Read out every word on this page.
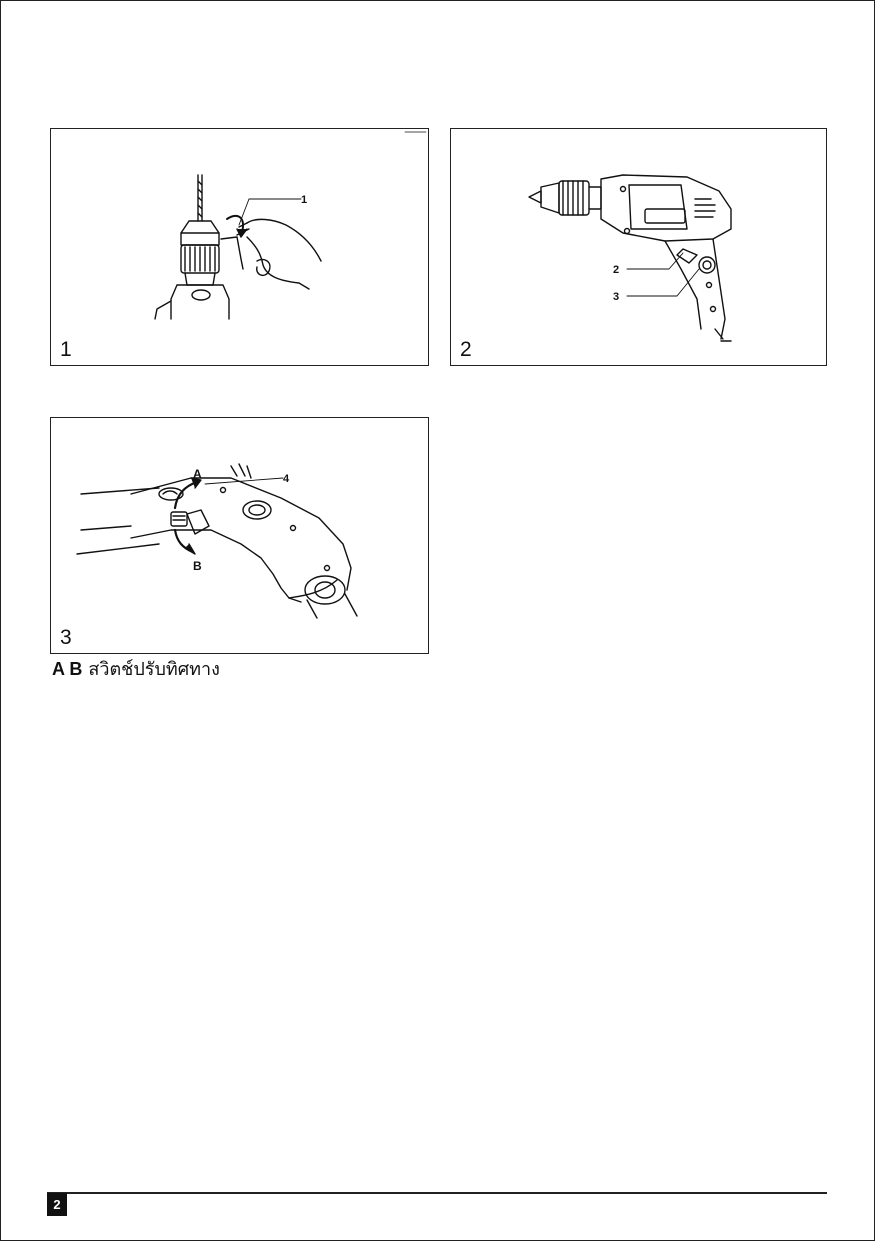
1
1
2
3
2
4
A
B
3
A B สวิตช์ปรับทิศทาง
2
